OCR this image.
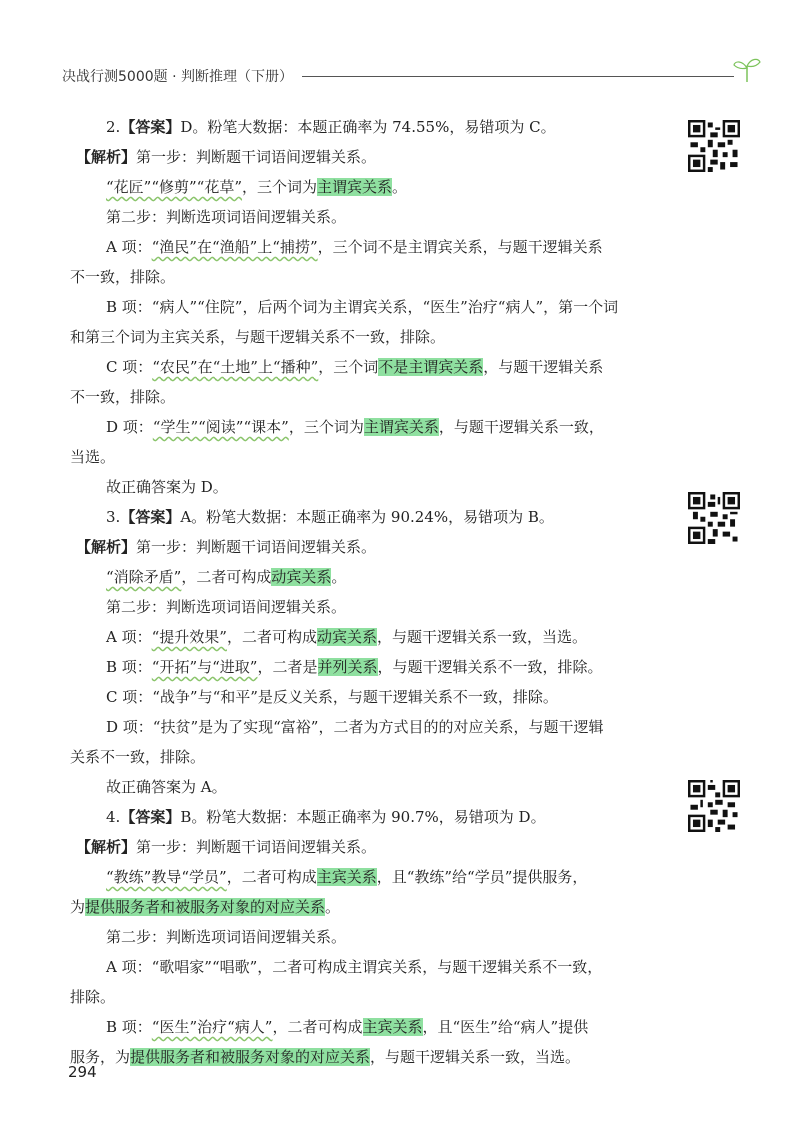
决战行测5000题 · 判断推理（下册）
2.【答案】D。粉笔大数据：本题正确率为 74.55%，易错项为 C。
【解析】第一步：判断题干词语间逻辑关系。
“花匠”“修剪”“花草”，三个词为主谓宾关系。
第二步：判断选项词语间逻辑关系。
A 项：“渔民”在“渔船”上“捕捞”，三个词不是主谓宾关系，与题干逻辑关系
不一致，排除。
B 项：“病人”“住院”，后两个词为主谓宾关系，“医生”治疗“病人”，第一个词
和第三个词为主宾关系，与题干逻辑关系不一致，排除。
C 项：“农民”在“土地”上“播种”，三个词不是主谓宾关系，与题干逻辑关系
不一致，排除。
D 项：“学生”“阅读”“课本”，三个词为主谓宾关系，与题干逻辑关系一致，
当选。
故正确答案为 D。
3.【答案】A。粉笔大数据：本题正确率为 90.24%，易错项为 B。
【解析】第一步：判断题干词语间逻辑关系。
“消除矛盾”，二者可构成动宾关系。
第二步：判断选项词语间逻辑关系。
A 项：“提升效果”，二者可构成动宾关系，与题干逻辑关系一致，当选。
B 项：“开拓”与“进取”，二者是并列关系，与题干逻辑关系不一致，排除。
C 项：“战争”与“和平”是反义关系，与题干逻辑关系不一致，排除。
D 项：“扶贫”是为了实现“富裕”，二者为方式目的的对应关系，与题干逻辑
关系不一致，排除。
故正确答案为 A。
4.【答案】B。粉笔大数据：本题正确率为 90.7%，易错项为 D。
【解析】第一步：判断题干词语间逻辑关系。
“教练”教导“学员”，二者可构成主宾关系，且“教练”给“学员”提供服务，
为提供服务者和被服务对象的对应关系。
第二步：判断选项词语间逻辑关系。
A 项：“歌唱家”“唱歌”，二者可构成主谓宾关系，与题干逻辑关系不一致，
排除。
B 项：“医生”治疗“病人”，二者可构成主宾关系，且“医生”给“病人”提供
服务，为提供服务者和被服务对象的对应关系，与题干逻辑关系一致，当选。
294
